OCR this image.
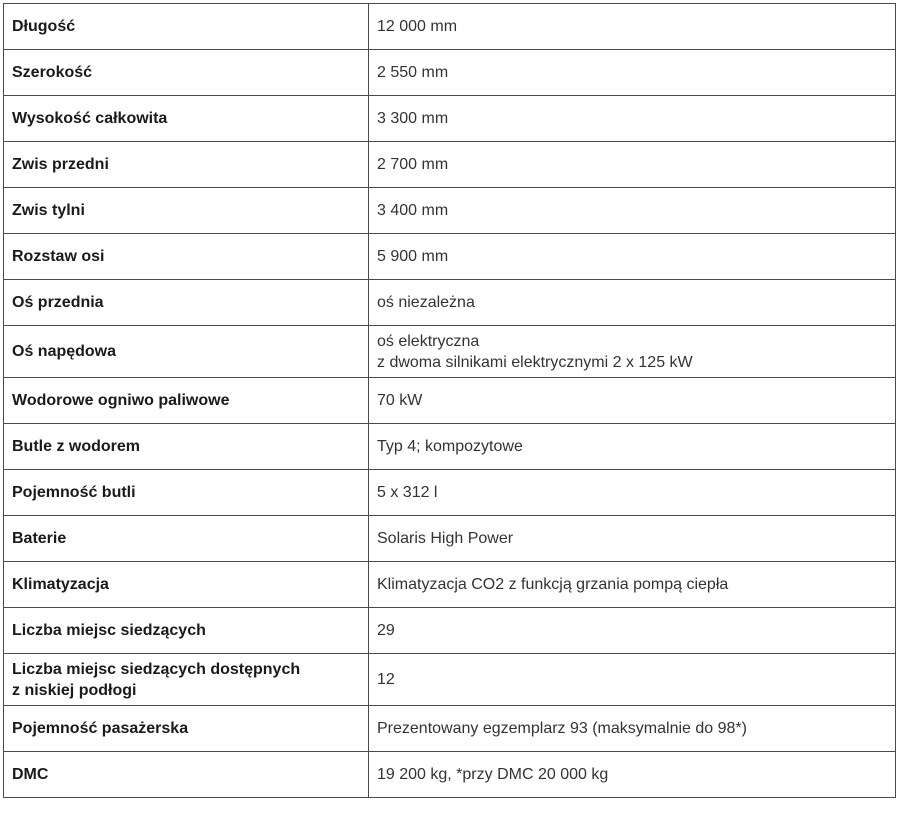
Długość	12 000 mm
Szerokość	2 550 mm
Wysokość całkowita	3 300 mm
Zwis przedni	2 700 mm
Zwis tylni	3 400 mm
Rozstaw osi	5 900 mm
Oś przednia	oś niezależna
Oś napędowa	oś elektryczna
z dwoma silnikami elektrycznymi 2 x 125 kW

Wodorowe ogniwo paliwowe	70 kW
Butle z wodorem	Typ 4; kompozytowe
Pojemność butli	5 x 312 l
Baterie	Solaris High Power
Klimatyzacja	Klimatyzacja CO2 z funkcją grzania pompą ciepła
Liczba miejsc siedzących	29

Liczba miejsc siedzących dostępnych
z niskiej podłogi	12
Pojemność pasażerska	Prezentowany egzemplarz 93 (maksymalnie do 98*)
DMC	19 200 kg, *przy DMC 20 000 kg
